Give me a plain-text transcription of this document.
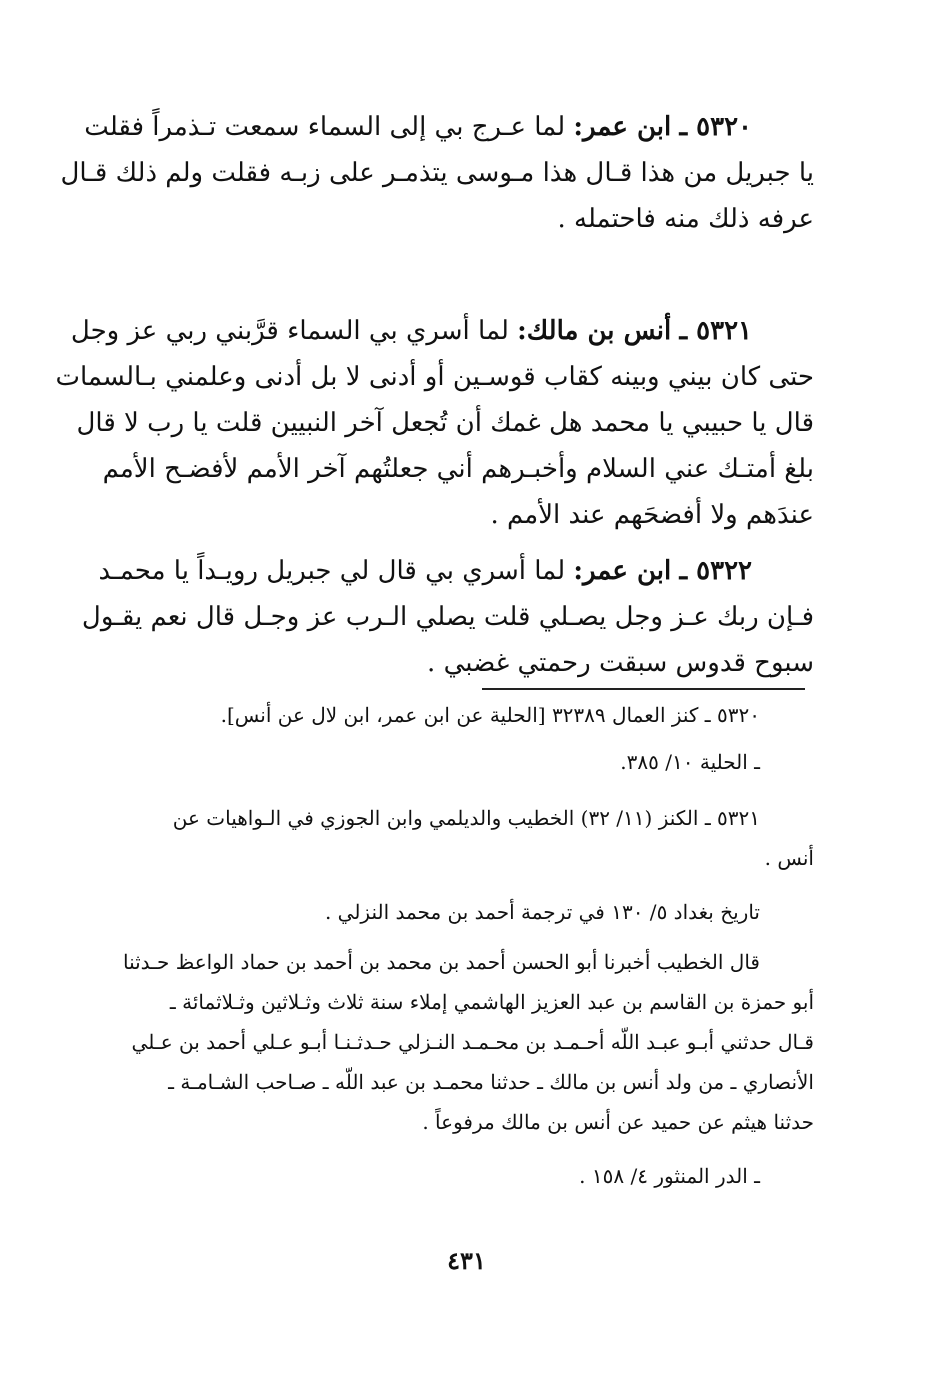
٥٣٢٠ ـ ابن عمر: لما عـرج بي إلى السماء سمعت تـذمراً فقلت
يا جبريل من هذا قـال هذا مـوسى يتذمـر على زبـه فقلت ولم ذلك قـال
عرفه ذلك منه فاحتمله .
٥٣٢١ ـ أنس بن مالك: لما أسري بي السماء قرَّبني ربي عز وجل
حتى كان بيني وبينه كقاب قوسـين أو أدنى لا بل أدنى وعلمني بـالسمات
قال يا حبيبي يا محمد هل غمك أن تُجعل آخر النبيين قلت يا رب لا قال
بلغ أمتـك عني السلام وأخبـرهم أني جعلتُهم آخر الأمم لأفضـح الأمم
عندَهم ولا أفضحَهم عند الأمم .
٥٣٢٢ ـ ابن عمر: لما أسري بي قال لي جبريل رويـداً يا محمـد
فـإن ربك عـز وجل يصـلي قلت يصلي الـرب عز وجـل قال نعم يقـول
سبوح قدوس سبقت رحمتي غضبي .
٥٣٢٠ ـ كنز العمال ٣٢٣٨٩ [الحلية عن ابن عمر، ابن لال عن أنس].
ـ الحلية ١٠/ ٣٨٥.
٥٣٢١ ـ الكنز (١١/ ٣٢) الخطيب والديلمي وابن الجوزي في الـواهيات عن
أنس .
تاريخ بغداد ٥/ ١٣٠ في ترجمة أحمد بن محمد النزلي .
قال الخطيب أخبرنا أبو الحسن أحمد بن محمد بن أحمد بن حماد الواعظ حـدثنا
أبو حمزة بن القاسم بن عبد العزيز الهاشمي إملاء سنة ثلاث وثـلاثين وثـلاثمائة ـ
قـال حدثني أبـو عبـد اللّه أحـمـد بن محـمـد النـزلي حـدثـنـا أبـو عـلي أحمد بن عـلي
الأنصاري ـ من ولد أنس بن مالك ـ حدثنا محمـد بن عبد اللّه ـ صـاحب الشـامـة ـ
حدثنا هيثم عن حميد عن أنس بن مالك مرفوعاً .
ـ الدر المنثور ٤/ ١٥٨ .
٤٣١
